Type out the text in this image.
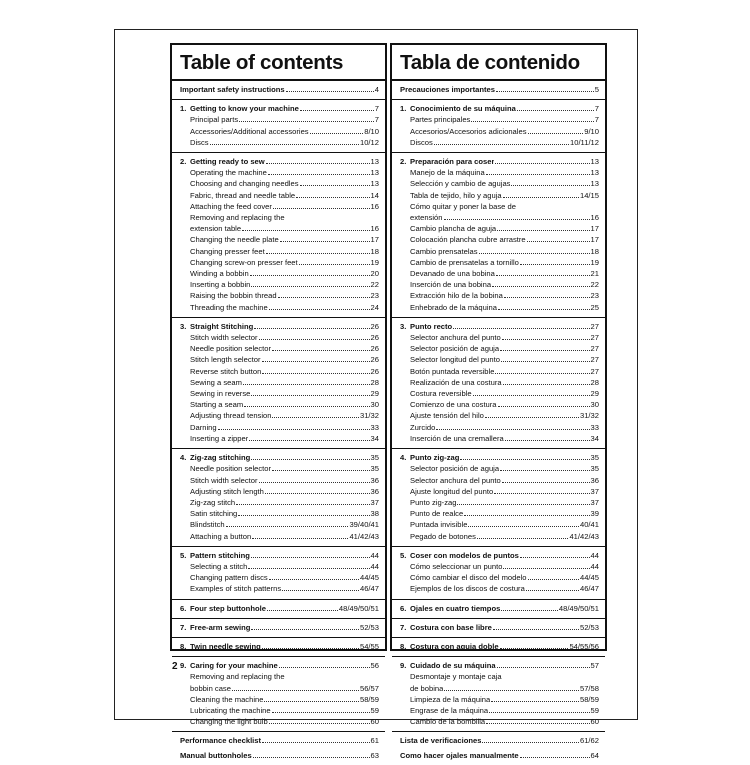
Table of contents
Important safety instructions	4
1. Getting to know your machine	7
Principal parts	7
Accessories/Additional accessories	8/10
Discs	10/12
2. Getting ready to sew	13
Operating the machine	13
Choosing and changing needles	13
Fabric, thread and needle table	14
Attaching the feed cover	16
Removing and replacing the
extension table	16
Changing the needle plate	17
Changing presser feet	18
Changing screw-on presser feet	19
Winding a bobbin	20
Inserting a bobbin	22
Raising the bobbin thread	23
Threading the machine	24
3. Straight Stitching	26
Stitch width selector	26
Needle position selector	26
Stitch length selector	26
Reverse stitch button	26
Sewing a seam	28
Sewing in reverse	29
Starting a seam	30
Adjusting thread tension	31/32
Darning	33
Inserting a zipper	34
4. Zig-zag stitching	35
Needle position selector	35
Stitch width selector	36
Adjusting stitch length	36
Zig-zag stitch	37
Satin stitching	38
Blindstitch	39/40/41
Attaching a button	41/42/43
5. Pattern stitching	44
Selecting a stitch	44
Changing pattern discs	44/45
Examples of stitch patterns	46/47
6. Four step buttonhole	48/49/50/51
7. Free-arm sewing	52/53
8. Twin needle sewing	54/55
9. Caring for your machine	56
Removing and replacing the
bobbin case	56/57
Cleaning the machine	58/59
Lubricating the machine	59
Changing the light bulb	60
Performance checklist	61
Manual buttonholes	63
Tabla de contenido
Precauciones importantes	5
1. Conocimiento de su máquina	7
Partes principales	7
Accesorios/Accesorios adicionales	9/10
Discos	10/11/12
2. Preparación para coser	13
Manejo de la máquina	13
Selección y cambio de agujas	13
Tabla de tejido, hilo y aguja	14/15
Cómo quitar y poner la base de
extensión	16
Cambio plancha de aguja	17
Colocación plancha cubre arrastre	17
Cambio prensatelas	18
Cambio de prensatelas a tornillo	19
Devanado de una bobina	21
Inserción de una bobina	22
Extracción hilo de la bobina	23
Enhebrado de la máquina	25
3. Punto recto	27
Selector anchura del punto	27
Selector posición de aguja	27
Selector longitud del punto	27
Botón puntada reversible	27
Realización de una costura	28
Costura reversible	29
Comienzo de una costura	30
Ajuste tensión del hilo	31/32
Zurcido	33
Inserción de una cremallera	34
4. Punto zig-zag	35
Selector posición de aguja	35
Selector anchura del punto	36
Ajuste longitud del punto	37
Punto zig-zag	37
Punto de realce	39
Puntada invisible	40/41
Pegado de botones	41/42/43
5. Coser con modelos de puntos	44
Cómo seleccionar un punto	44
Cómo cambiar el disco del modelo	44/45
Ejemplos de los discos de costura	46/47
6. Ojales en cuatro tiempos	48/49/50/51
7. Costura con base libre	52/53
8. Costura con aguja doble	54/55/56
9. Cuidado de su máquina	57
Desmontaje y montaje caja
de bobina	57/58
Limpieza de la máquina	58/59
Engrase de la máquina	59
Cambio de la bombilla	60
Lista de verificaciones	61/62
Como hacer ojales manualmente	64
2
